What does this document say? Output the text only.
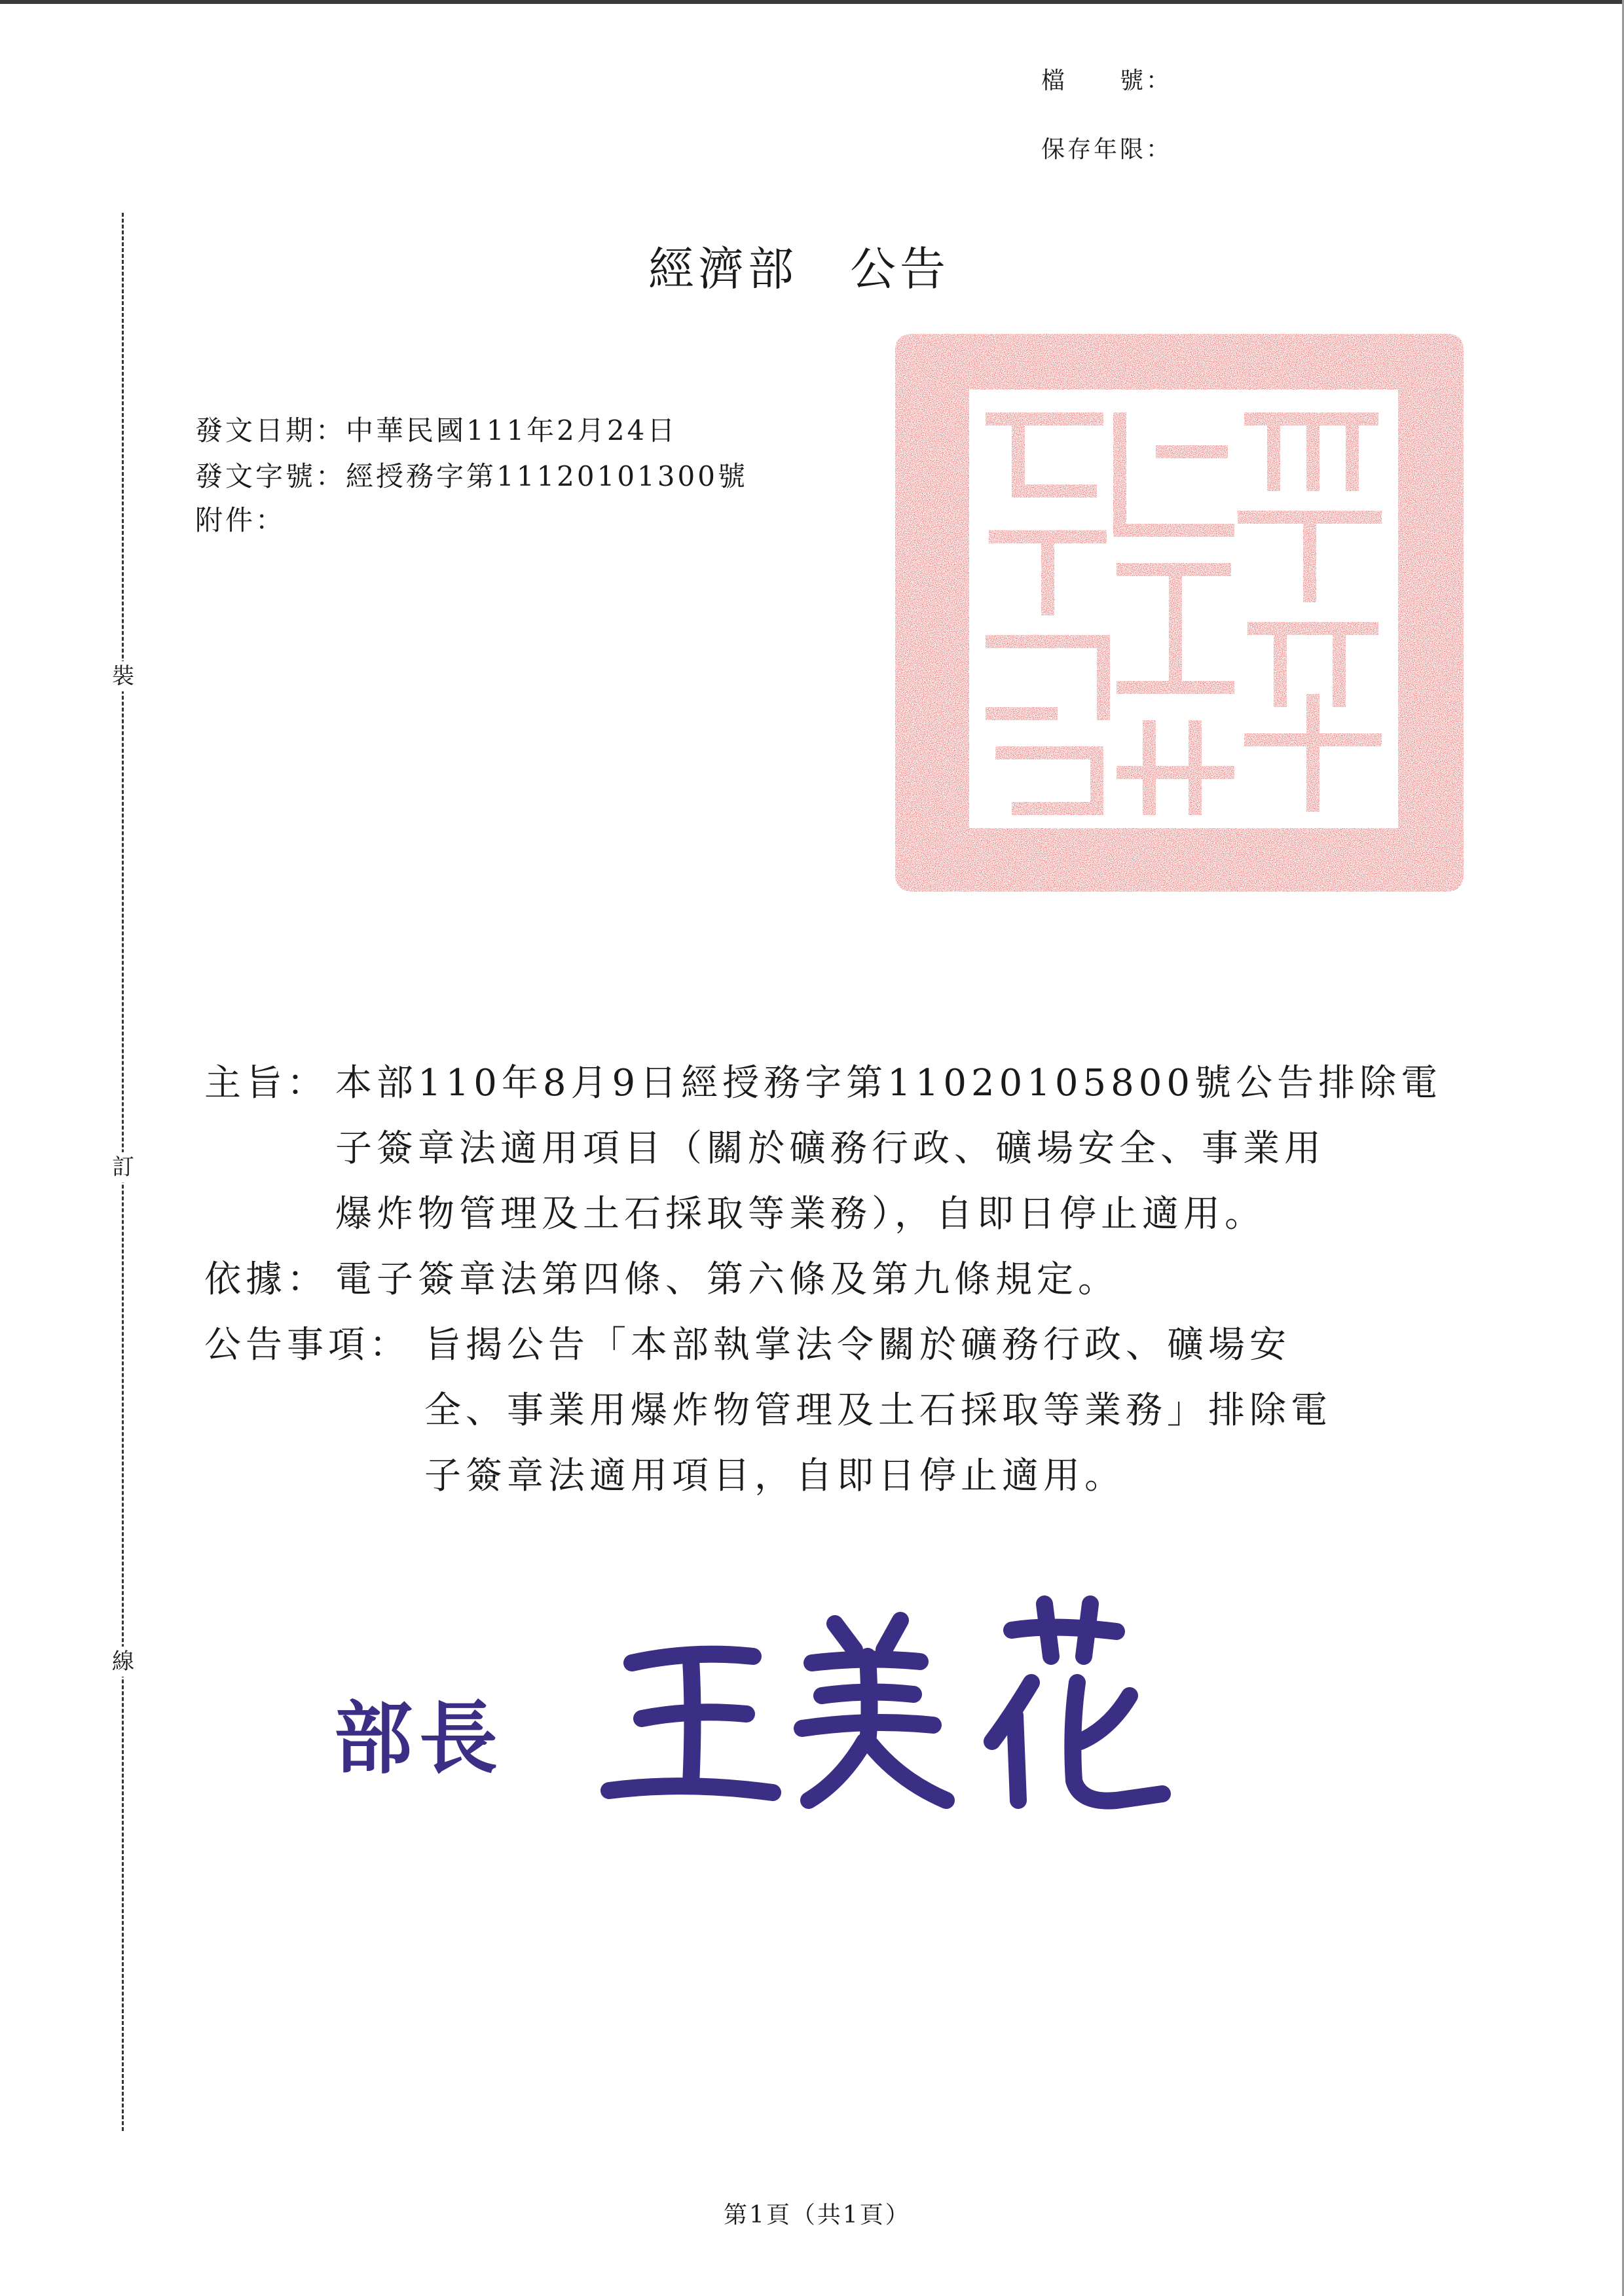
檔　　號：
保存年限：
裝
訂
線
經濟部 公告
發文日期：中華民國111年2月24日
發文字號：經授務字第11120101300號
附件：
主旨： 本部110年8月9日經授務字第11020105800號公告排除電
子簽章法適用項目（關於礦務行政、礦場安全、事業用
爆炸物管理及土石採取等業務），自即日停止適用。
依據： 電子簽章法第四條、第六條及第九條規定。
公告事項： 旨揭公告「本部執掌法令關於礦務行政、礦場安
全、事業用爆炸物管理及土石採取等業務」排除電
子簽章法適用項目，自即日停止適用。
部長
第1頁（共1頁）
